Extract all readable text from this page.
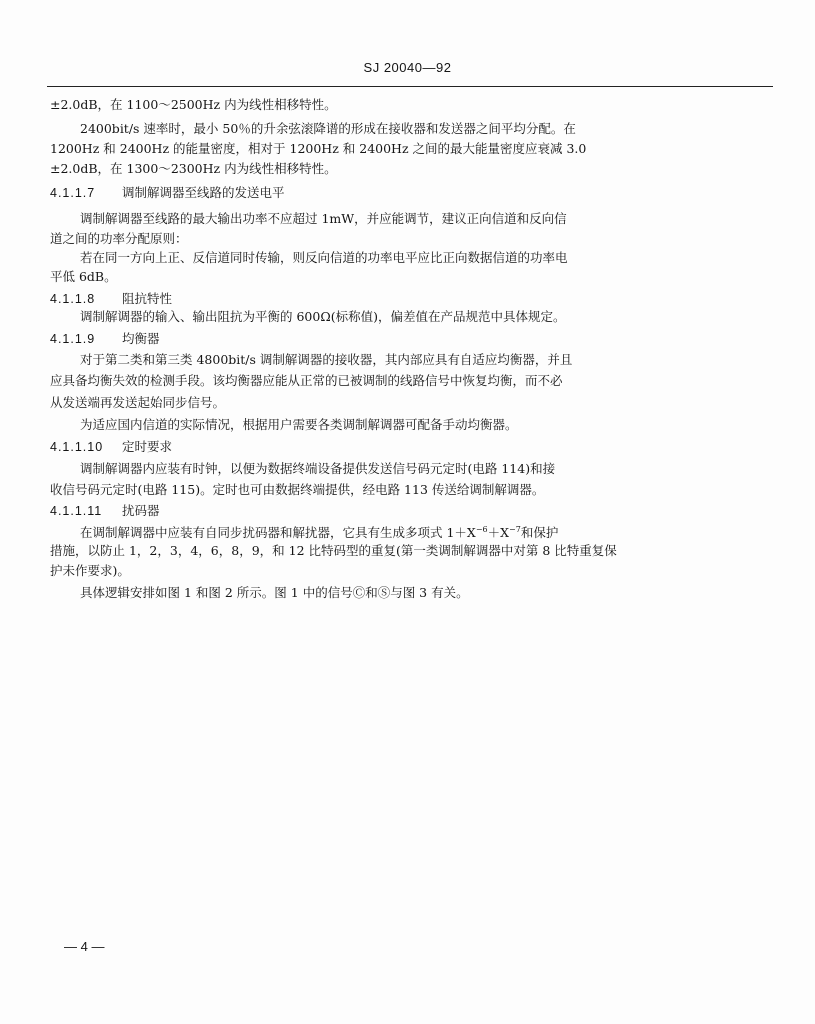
SJ 20040—92
±2.0dB，在 1100～2500Hz 内为线性相移特性。
2400bit/s 速率时，最小 50％的升余弦滚降谱的形成在接收器和发送器之间平均分配。在
1200Hz 和 2400Hz 的能量密度，相对于 1200Hz 和 2400Hz 之间的最大能量密度应衰减 3.0
±2.0dB，在 1300～2300Hz 内为线性相移特性。
4.1.1.7 调制解调器至线路的发送电平
调制解调器至线路的最大输出功率不应超过 1mW，并应能调节，建议正向信道和反向信
道之间的功率分配原则：
若在同一方向上正、反信道同时传输，则反向信道的功率电平应比正向数据信道的功率电
平低 6dB。
4.1.1.8 阻抗特性
调制解调器的输入、输出阻抗为平衡的 600Ω(标称值)，偏差值在产品规范中具体规定。
4.1.1.9 均衡器
对于第二类和第三类 4800bit/s 调制解调器的接收器，其内部应具有自适应均衡器，并且
应具备均衡失效的检测手段。该均衡器应能从正常的已被调制的线路信号中恢复均衡，而不必
从发送端再发送起始同步信号。
为适应国内信道的实际情况，根据用户需要各类调制解调器可配备手动均衡器。
4.1.1.10 定时要求
调制解调器内应装有时钟，以便为数据终端设备提供发送信号码元定时(电路 114)和接
收信号码元定时(电路 115)。定时也可由数据终端提供，经电路 113 传送给调制解调器。
4.1.1.11 扰码器
在调制解调器中应装有自同步扰码器和解扰器，它具有生成多项式 $1+X^{-6}+X^{-7}$和保护
措施，以防止 1，2，3，4，6，8，9，和 12 比特码型的重复(第一类调制解调器中对第 8 比特重复保
护未作要求)。
具体逻辑安排如图 1 和图 2 所示。图 1 中的信号Ⓒ和Ⓢ与图 3 有关。
— 4 —
